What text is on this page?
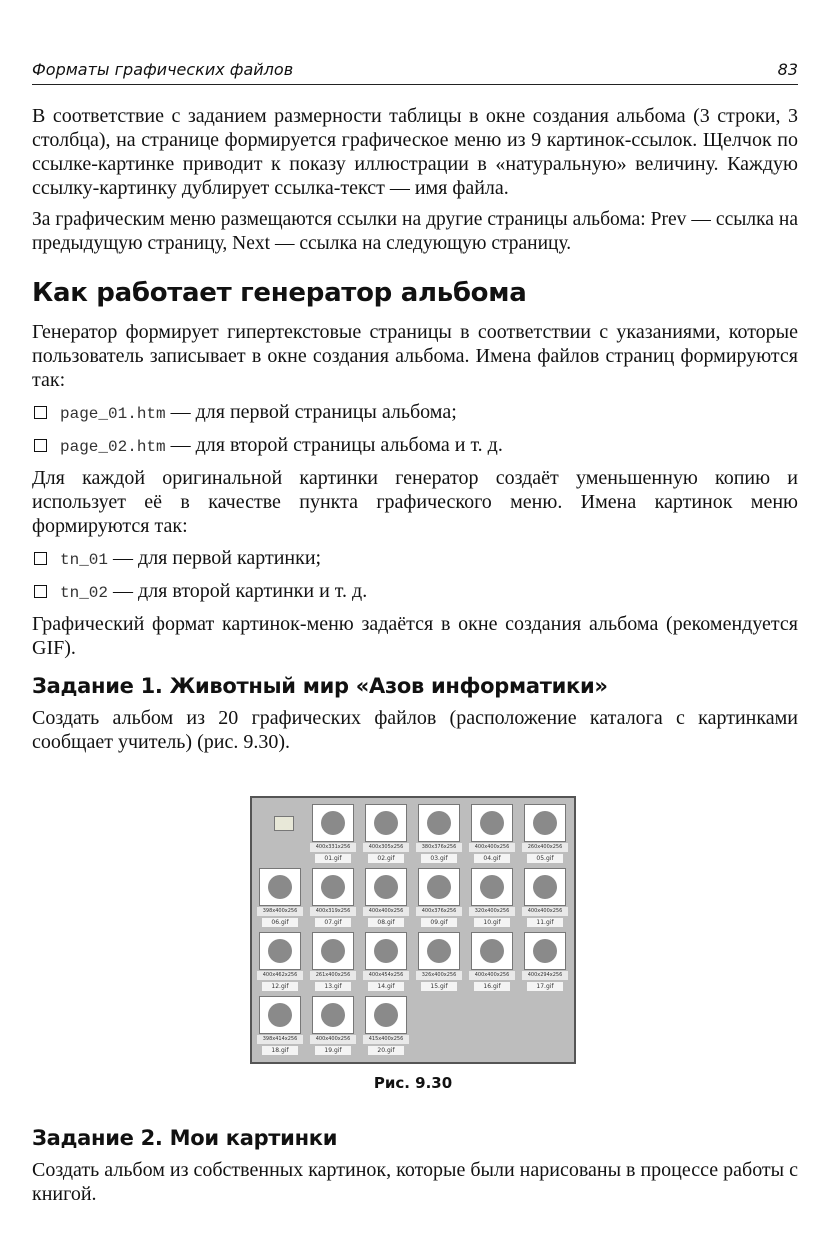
Форматы графических файлов	83

В соответствие с заданием размерности таблицы в окне создания альбома (3 строки, 3 столбца), на странице формируется графическое меню из 9 картинок-ссылок. Щелчок по ссылке-картинке приводит к показу иллюстрации в «натуральную» величину. Каждую ссылку-картинку дублирует ссылка-текст — имя файла.

За графическим меню размещаются ссылки на другие страницы альбома: Prev — ссылка на предыдущую страницу, Next — ссылка на следующую страницу.

Как работает генератор альбома

Генератор формирует гипертекстовые страницы в соответствии с указаниями, которые пользователь записывает в окне создания альбома. Имена файлов страниц формируются так:

page_01.htm — для первой страницы альбома;
page_02.htm — для второй страницы альбома и т. д.

Для каждой оригинальной картинки генератор создаёт уменьшенную копию и использует её в качестве пункта графического меню. Имена картинок меню формируются так:

tn_01 — для первой картинки;
tn_02 — для второй картинки и т. д.

Графический формат картинок-меню задаётся в окне создания альбома (рекомендуется GIF).

Задание 1. Животный мир «Азов информатики»

Создать альбом из 20 графических файлов (расположение каталога с картинками сообщает учитель) (рис. 9.30).

400x331x256
01.gif
400x305x256
02.gif
380x376x256
03.gif
400x400x256
04.gif
260x400x256
05.gif
398x400x256
06.gif
400x319x256
07.gif
400x400x256
08.gif
400x376x256
09.gif
320x400x256
10.gif
400x400x256
11.gif
400x462x256
12.gif
261x400x256
13.gif
400x454x256
14.gif
326x400x256
15.gif
400x400x256
16.gif
400x294x256
17.gif
398x414x256
18.gif
400x400x256
19.gif
415x400x256
20.gif
Рис. 9.30
Задание 2. Мои картинки

Создать альбом из собственных картинок, которые были нарисованы в процессе работы с книгой.
